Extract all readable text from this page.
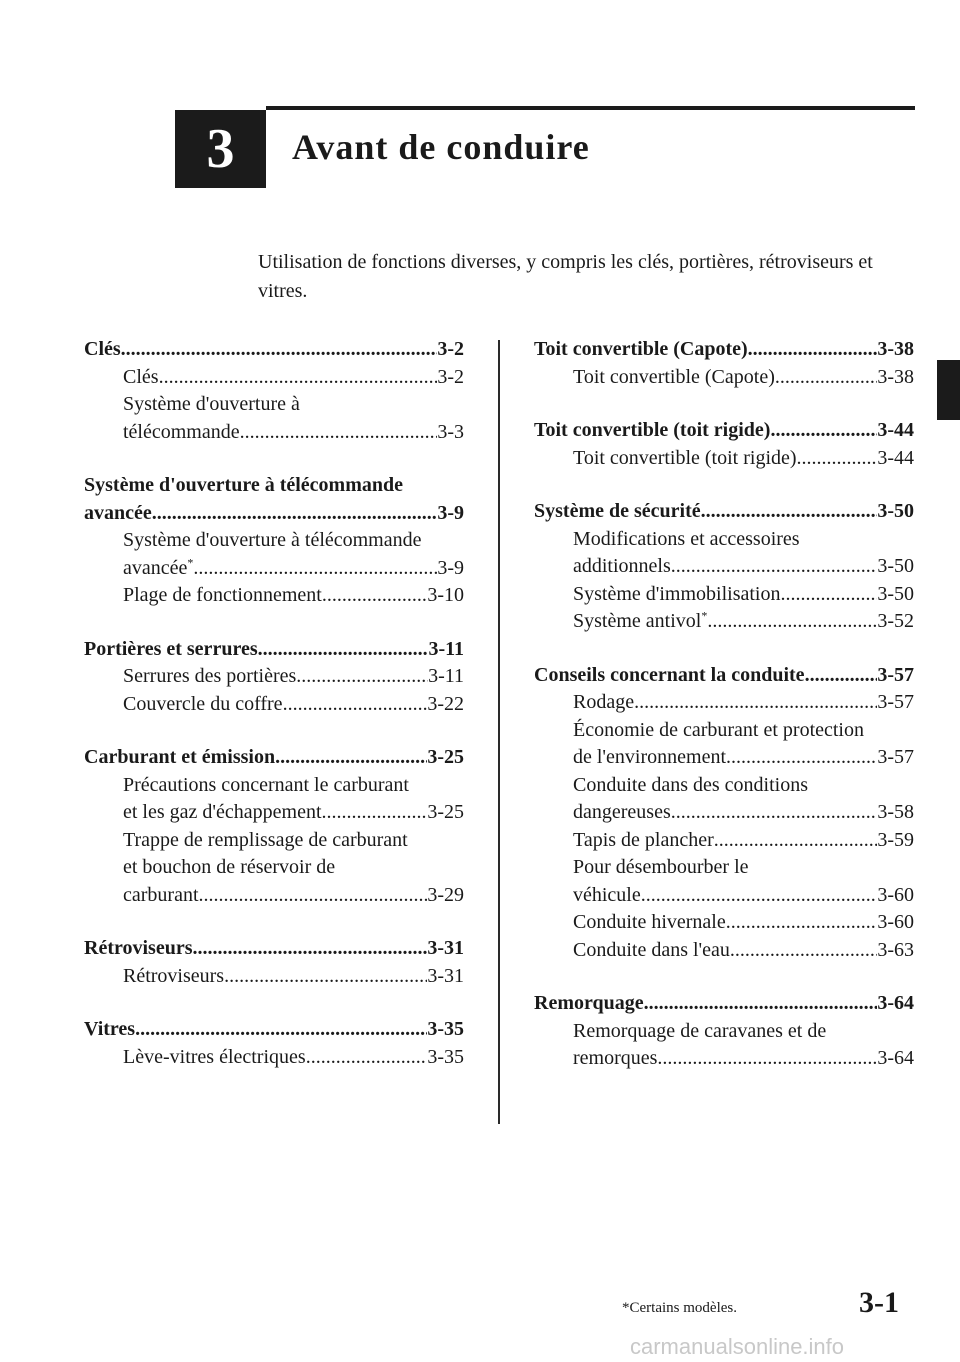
3 Avant de conduire
Utilisation de fonctions diverses, y compris les clés, portières, rétroviseurs et vitres.
Clés .....	3-2
Clés .....	3-2
Système d'ouverture à
télécommande .....	3-3
Système d'ouverture à télécommande
avancée .....	3-9
Système d'ouverture à télécommande
avancée* .....	3-9
Plage de fonctionnement .....	3-10
Portières et serrures .....	3-11
Serrures des portières .....	3-11
Couvercle du coffre .....	3-22
Carburant et émission .....	3-25
Précautions concernant le carburant
et les gaz d'échappement .....	3-25
Trappe de remplissage de carburant
et bouchon de réservoir de
carburant .....	3-29
Rétroviseurs .....	3-31
Rétroviseurs .....	3-31
Vitres .....	3-35
Lève-vitres électriques .....	3-35
Toit convertible (Capote) .....	3-38
Toit convertible (Capote) .....	3-38
Toit convertible (toit rigide) .....	3-44
Toit convertible (toit rigide) .....	3-44
Système de sécurité .....	3-50
Modifications et accessoires
additionnels .....	3-50
Système d'immobilisation .....	3-50
Système antivol* .....	3-52
Conseils concernant la conduite .....	3-57
Rodage .....	3-57
Économie de carburant et protection
de l'environnement .....	3-57
Conduite dans des conditions
dangereuses .....	3-58
Tapis de plancher .....	3-59
Pour désembourber le
véhicule .....	3-60
Conduite hivernale .....	3-60
Conduite dans l'eau .....	3-63
Remorquage .....	3-64
Remorquage de caravanes et de
remorques .....	3-64
*Certains modèles.	3-1
carmanualsonline.info
